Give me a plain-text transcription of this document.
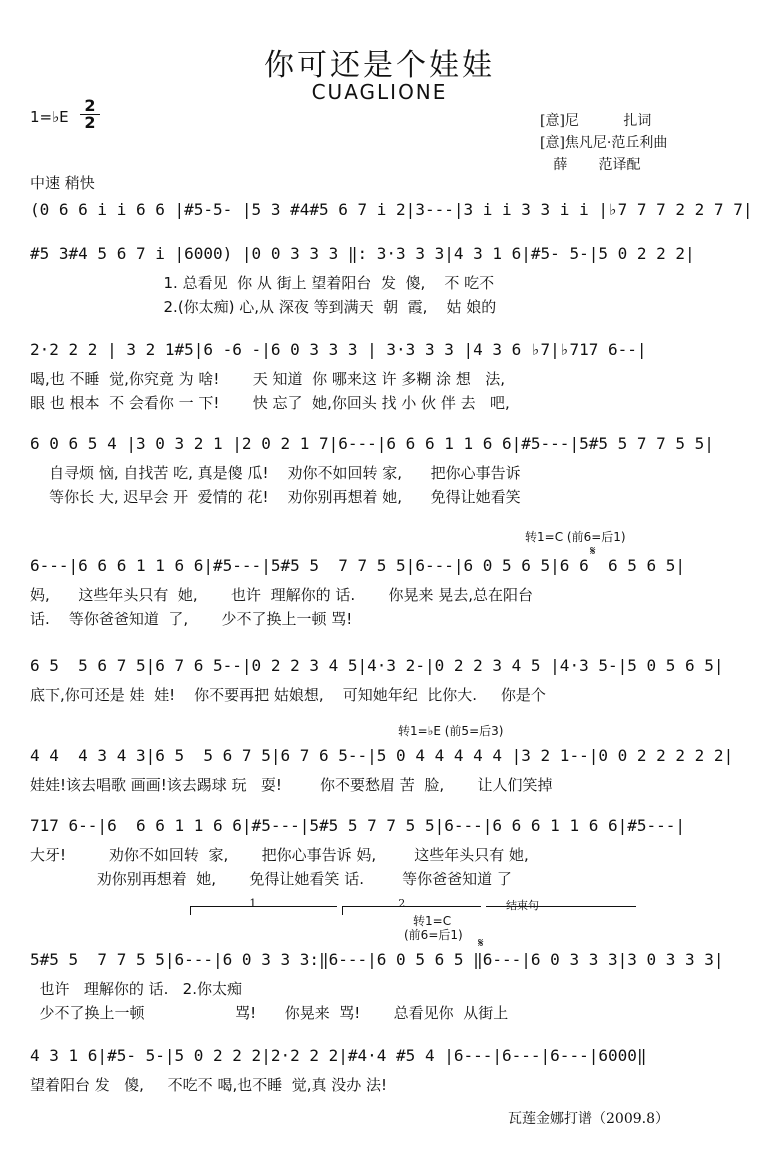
你可还是个娃娃
CUAGLIONE
1=♭E
2
2	[意]尼          扎词
[意]焦凡尼·范丘利曲
薛       范译配
中速 稍快
(0 6 6 i i 6 6 |#5-5- |5 3 #4#5 6 7 i 2|3---|3 i i 3 3 i i |♭7 7 7 2 2 7 7|
#5 3#4 5 6 7 i |6000) |0 0 3 3 3 ‖: 3·3 3 3|4 3 1 6|#5- 5-|5 0 2 2 2|
1. 总看见  你 从 街上 望着阳台  发  傻,    不 吃不
2.(你太痴) 心,从 深夜 等到满天  朝  霞,    姑 娘的
2·2 2 2 | 3 2 1#5|6 -6 -|6 0 3 3 3 | 3·3 3 3 |4 3 6 ♭7|♭717 6--|
喝,也 不睡  觉,你究竟 为 啥!       天 知道  你 哪来这 许 多糊 涂 想   法,
眼 也 根本  不 会看你 一 下!       快 忘了  她,你回头 找 小 伙 伴 去   吧,
6 0 6 5 4 |3 0 3 2 1 |2 0 2 1 7|6---|6 6 6 1 1 6 6|#5---|5#5 5 7 7 5 5|
自寻烦 恼, 自找苦 吃, 真是傻 瓜!    劝你不如回转 家,      把你心事告诉
等你长 大, 迟早会 开  爱情的 花!    劝你别再想着 她,      免得让她看笑
6---|6 6 6 1 1 6 6|#5---|5#5 5  7 7 5 5|6---|6 0 5 6 5|6 6  6 5 6 5|
妈,      这些年头只有  她,       也许  理解你的 话.       你晃来 晃去,总在阳台
话.    等你爸爸知道  了,       少不了换上一顿 骂!
6 5  5 6 7 5|6 7 6 5--|0 2 2 3 4 5|4·3 2-|0 2 2 3 4 5 |4·3 5-|5 0 5 6 5|
底下,你可还是 娃  娃!    你不要再把 姑娘想,    可知她年纪  比你大.     你是个
4 4  4 3 4 3|6 5  5 6 7 5|6 7 6 5--|5 0 4 4 4 4 4 |3 2 1--|0 0 2 2 2 2 2|
娃娃!该去唱歌 画画!该去踢球 玩   耍!        你不要愁眉 苦  脸,       让人们笑掉
717 6--|6  6 6 1 1 6 6|#5---|5#5 5 7 7 5 5|6---|6 6 6 1 1 6 6|#5---|
大牙!         劝你不如回转  家,       把你心事告诉 妈,        这些年头只有 她,
劝你别再想着  她,       免得让她看笑 话.        等你爸爸知道 了
5#5 5  7 7 5 5|6---|6 0 3 3 3:‖6---|6 0 5 6 5 ‖6---|6 0 3 3 3|3 0 3 3 3|
也许   理解你的 话.   2.你太痴
少不了换上一顿                   骂!      你晃来  骂!       总看见你  从街上
4 3 1 6|#5- 5-|5 0 2 2 2|2·2 2 2|#4·4 #5 4 |6---|6---|6---|6000‖
望着阳台 发   傻,     不吃不 喝,也不睡  觉,真 没办 法!
转1=C (前6=后1)
𝄋
转1=♭E (前5=后3)
转1=C
(前6=后1)
𝄋
1	2	结束句
瓦莲金娜打谱（2009.8）
